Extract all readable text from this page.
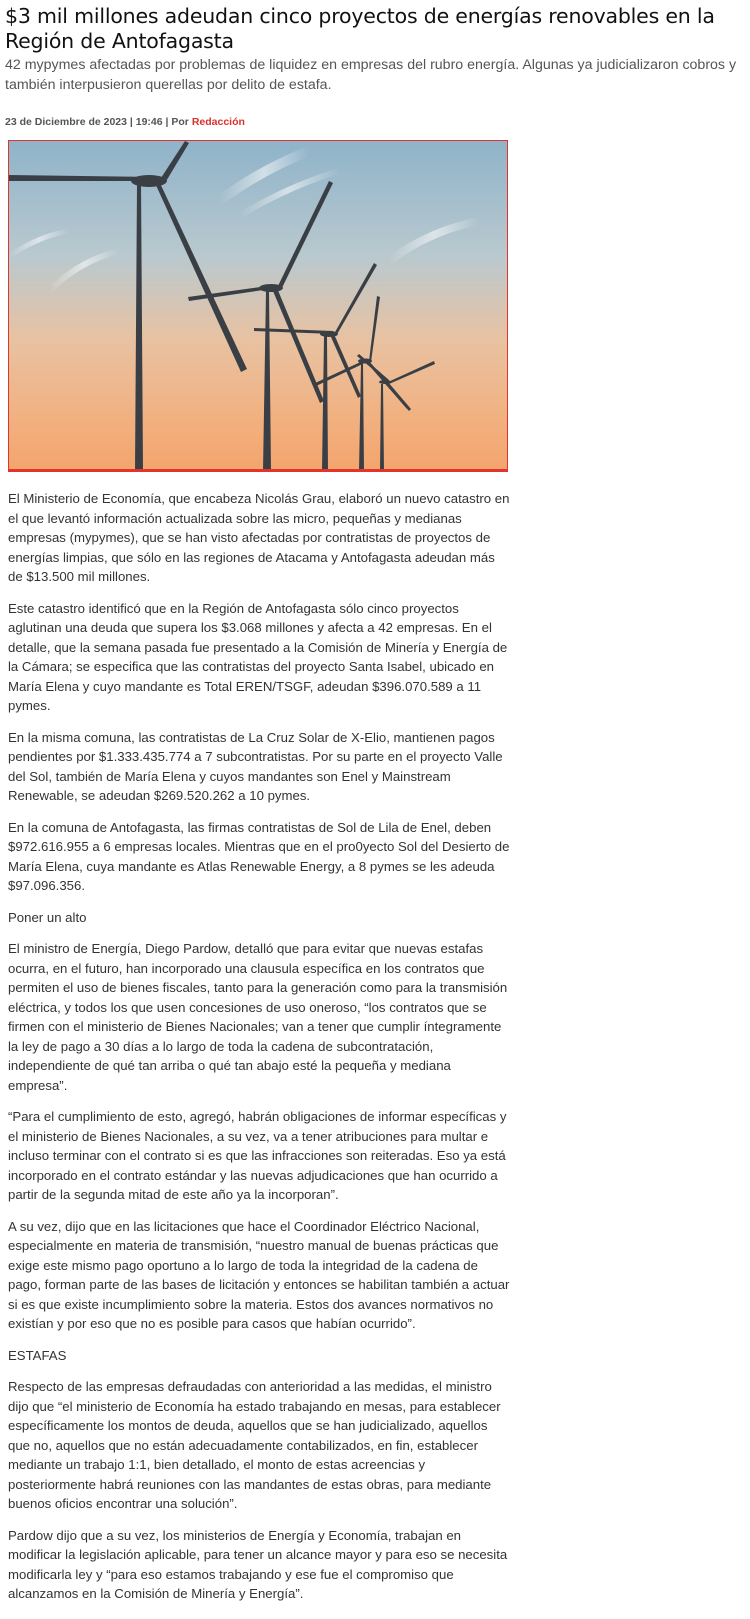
$3 mil millones adeudan cinco proyectos de energías renovables en la Región de Antofagasta

42 mypymes afectadas por problemas de liquidez en empresas del rubro energía. Algunas ya judicializaron cobros y también interpusieron querellas por delito de estafa.

23 de Diciembre de 2023 | 19:46 | Por Redacción

El Ministerio de Economía, que encabeza Nicolás Grau, elaboró un nuevo catastro en el que levantó información actualizada sobre las micro, pequeñas y medianas empresas (mypymes), que se han visto afectadas por contratistas de proyectos de energías limpias, que sólo en las regiones de Atacama y Antofagasta adeudan más de $13.500 mil millones.

Este catastro identificó que en la Región de Antofagasta sólo cinco proyectos aglutinan una deuda que supera los $3.068 millones y afecta a 42 empresas. En el detalle, que la semana pasada fue presentado a la Comisión de Minería y Energía de la Cámara; se especifica que las contratistas del proyecto Santa Isabel, ubicado en María Elena y cuyo mandante es Total EREN/TSGF, adeudan $396.070.589 a 11 pymes.

En la misma comuna, las contratistas de La Cruz Solar de X-Elio, mantienen pagos pendientes por $1.333.435.774 a 7 subcontratistas. Por su parte en el proyecto Valle del Sol, también de María Elena y cuyos mandantes son Enel y Mainstream Renewable, se adeudan $269.520.262 a 10 pymes.

En la comuna de Antofagasta, las firmas contratistas de Sol de Lila de Enel, deben $972.616.955 a 6 empresas locales. Mientras que en el pro0yecto Sol del Desierto de María Elena, cuya mandante es Atlas Renewable Energy, a 8 pymes se les adeuda $97.096.356.

Poner un alto

El ministro de Energía, Diego Pardow, detalló que para evitar que nuevas estafas ocurra, en el futuro, han incorporado una clausula específica en los contratos que permiten el uso de bienes fiscales, tanto para la generación como para la transmisión eléctrica, y todos los que usen concesiones de uso oneroso, “los contratos que se firmen con el ministerio de Bienes Nacionales; van a tener que cumplir íntegramente la ley de pago a 30 días a lo largo de toda la cadena de subcontratación, independiente de qué tan arriba o qué tan abajo esté la pequeña y mediana empresa”.

“Para el cumplimiento de esto, agregó, habrán obligaciones de informar específicas y el ministerio de Bienes Nacionales, a su vez, va a tener atribuciones para multar e incluso terminar con el contrato si es que las infracciones son reiteradas. Eso ya está incorporado en el contrato estándar y las nuevas adjudicaciones que han ocurrido a partir de la segunda mitad de este año ya la incorporan”.

A su vez, dijo que en las licitaciones que hace el Coordinador Eléctrico Nacional, especialmente en materia de transmisión, “nuestro manual de buenas prácticas que exige este mismo pago oportuno a lo largo de toda la integridad de la cadena de pago, forman parte de las bases de licitación y entonces se habilitan también a actuar si es que existe incumplimiento sobre la materia. Estos dos avances normativos no existían y por eso que no es posible para casos que habían ocurrido”.

ESTAFAS

Respecto de las empresas defraudadas con anterioridad a las medidas, el ministro dijo que “el ministerio de Economía ha estado trabajando en mesas, para establecer específicamente los montos de deuda, aquellos que se han judicializado, aquellos que no, aquellos que no están adecuadamente contabilizados, en fin, establecer mediante un trabajo 1:1, bien detallado, el monto de estas acreencias y posteriormente habrá reuniones con las mandantes de estas obras, para mediante buenos oficios encontrar una solución”.

Pardow dijo que a su vez, los ministerios de Energía y Economía, trabajan en modificar la legislación aplicable, para tener un alcance mayor y para eso se necesita modificarla ley y “para eso estamos trabajando y ese fue el compromiso que alcanzamos en la Comisión de Minería y Energía”.
